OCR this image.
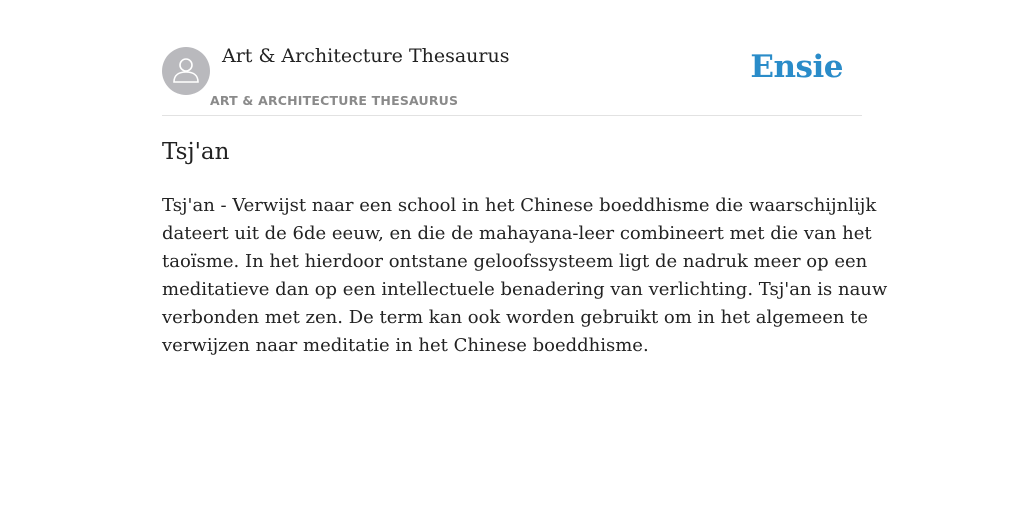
Art & Architecture Thesaurus
ART & ARCHITECTURE THESAURUS
Ensie
Tsj'an
Tsj'an - Verwijst naar een school in het Chinese boeddhisme die waarschijnlijk
dateert uit de 6de eeuw, en die de mahayana-leer combineert met die van het
taoïsme. In het hierdoor ontstane geloofssysteem ligt de nadruk meer op een
meditatieve dan op een intellectuele benadering van verlichting. Tsj'an is nauw
verbonden met zen. De term kan ook worden gebruikt om in het algemeen te
verwijzen naar meditatie in het Chinese boeddhisme.
